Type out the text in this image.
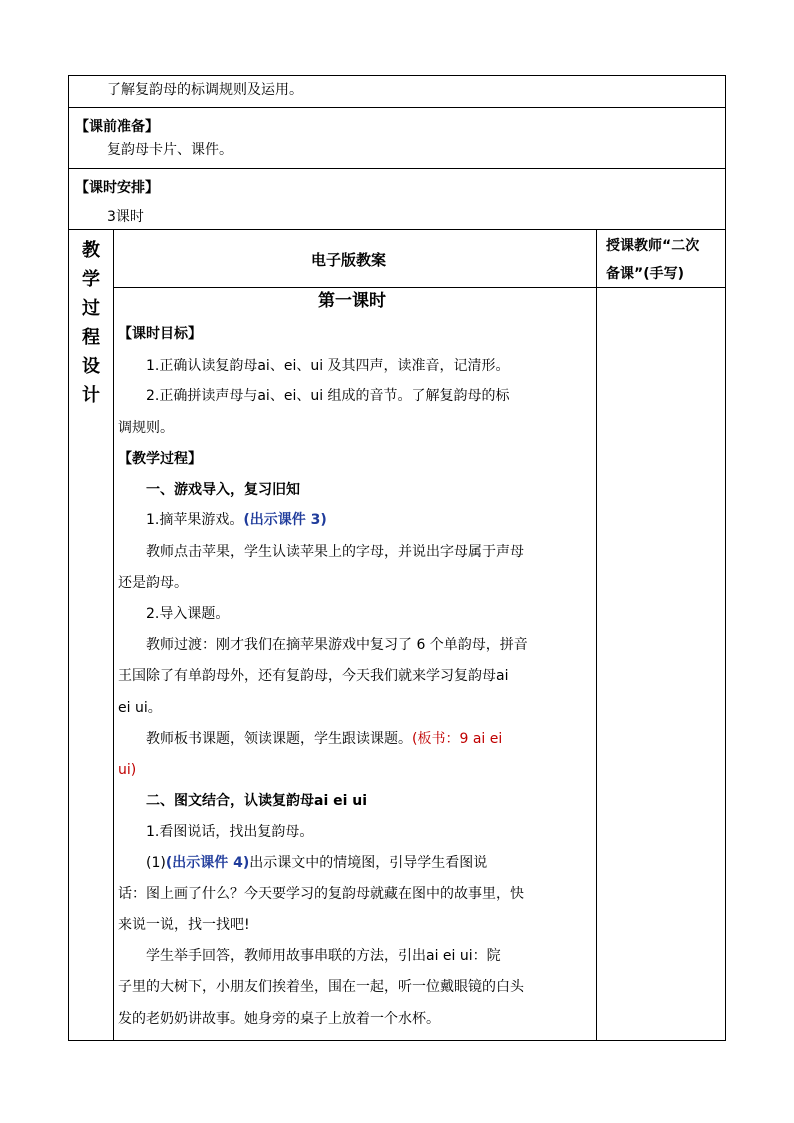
了解复韵母的标调规则及运用。
【课前准备】
复韵母卡片、课件。
【课时安排】
3课时
教
学
过
程
设
计
电子版教案
授课教师“二次
备课”(手写)
第一课时
【课时目标】
1.正确认读复韵母ai、ei、ui 及其四声，读准音，记清形。
2.正确拼读声母与ai、ei、ui 组成的音节。了解复韵母的标
调规则。
【教学过程】
一、游戏导入，复习旧知
1.摘苹果游戏。(出示课件 3)
教师点击苹果，学生认读苹果上的字母，并说出字母属于声母
还是韵母。
2.导入课题。
教师过渡：刚才我们在摘苹果游戏中复习了 6 个单韵母，拼音
王国除了有单韵母外，还有复韵母，今天我们就来学习复韵母ai
ei ui。
教师板书课题，领读课题，学生跟读课题。(板书：9 ai ei
ui)
二、图文结合，认读复韵母ai ei ui
1.看图说话，找出复韵母。
(1)(出示课件 4)出示课文中的情境图，引导学生看图说
话：图上画了什么？今天要学习的复韵母就藏在图中的故事里，快
来说一说，找一找吧!
学生举手回答，教师用故事串联的方法，引出ai ei ui：院
子里的大树下，小朋友们挨着坐，围在一起，听一位戴眼镜的白头
发的老奶奶讲故事。她身旁的桌子上放着一个水杯。
